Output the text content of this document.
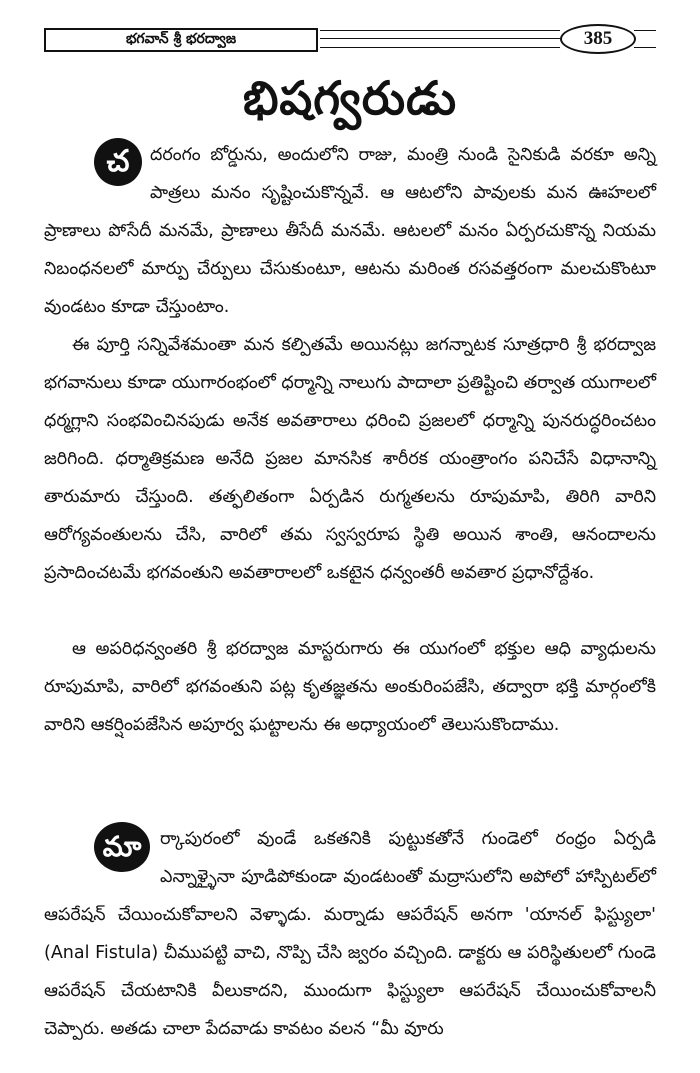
భగవాన్ శ్రీ భరద్వాజ	385
భిషగ్వరుడు
చ	దరంగం బోర్డును, అందులోని రాజు, మంత్రి నుండి సైనికుడి వరకూ అన్ని పాత్రలు మనం సృష్టించుకొన్నవే. ఆ ఆటలోని పావులకు మన ఊహలలో ప్రాణాలు పోసేదీ మనమే, ప్రాణాలు తీసేదీ మనమే. ఆటలలో మనం ఏర్పరచుకొన్న నియమ నిబంధనలలో మార్పు చేర్పులు చేసుకుంటూ, ఆటను మరింత రసవత్తరంగా మలచుకొంటూ వుండటం కూడా చేస్తుంటాం.
ఈ పూర్తి సన్నివేశమంతా మన కల్పితమే అయినట్లు జగన్నాటక సూత్రధారి శ్రీ భరద్వాజ భగవానులు కూడా యుగారంభంలో ధర్మాన్ని నాలుగు పాదాలా ప్రతిష్టించి తర్వాత యుగాలలో ధర్మగ్లాని సంభవించినపుడు అనేక అవతారాలు ధరించి ప్రజలలో ధర్మాన్ని పునరుద్ధరించటం జరిగింది. ధర్మాతిక్రమణ అనేది ప్రజల మానసిక శారీరక యంత్రాంగం పనిచేసే విధానాన్ని తారుమారు చేస్తుంది. తత్ఫలితంగా ఏర్పడిన రుగ్మతలను రూపుమాపి, తిరిగి వారిని ఆరోగ్యవంతులను చేసి, వారిలో తమ స్వస్వరూప స్థితి అయిన శాంతి, ఆనందాలను ప్రసాదించటమే భగవంతుని అవతారాలలో ఒకటైన ధన్వంతరీ అవతార ప్రధానోద్దేశం.
ఆ అపరిధన్వంతరి శ్రీ భరద్వాజ మాస్టరుగారు ఈ యుగంలో భక్తుల ఆధి వ్యాధులను రూపుమాపి, వారిలో భగవంతుని పట్ల కృతజ్ఞతను అంకురింపజేసి, తద్వారా భక్తి మార్గంలోకి వారిని ఆకర్షింపజేసిన అపూర్వ ఘట్టాలను ఈ అధ్యాయంలో తెలుసుకొందాము.
మా	ర్కాపురంలో వుండే ఒకతనికి పుట్టుకతోనే గుండెలో రంధ్రం ఏర్పడి ఎన్నాళ్ళైనా పూడిపోకుండా వుండటంతో మద్రాసులోని అపోలో హాస్పిటల్‌లో ఆపరేషన్ చేయించుకోవాలని వెళ్ళాడు. మర్నాడు ఆపరేషన్ అనగా 'యానల్ ఫిస్ట్యులా' (Anal Fistula) చీముపట్టి వాచి, నొప్పి చేసి జ్వరం వచ్చింది. డాక్టరు ఆ పరిస్థితులలో గుండె ఆపరేషన్ చేయటానికి వీలుకాదని, ముందుగా ఫిస్ట్యులా ఆపరేషన్ చేయించుకోవాలనీ చెప్పారు. అతడు చాలా పేదవాడు కావటం వలన “మీ వూరు
